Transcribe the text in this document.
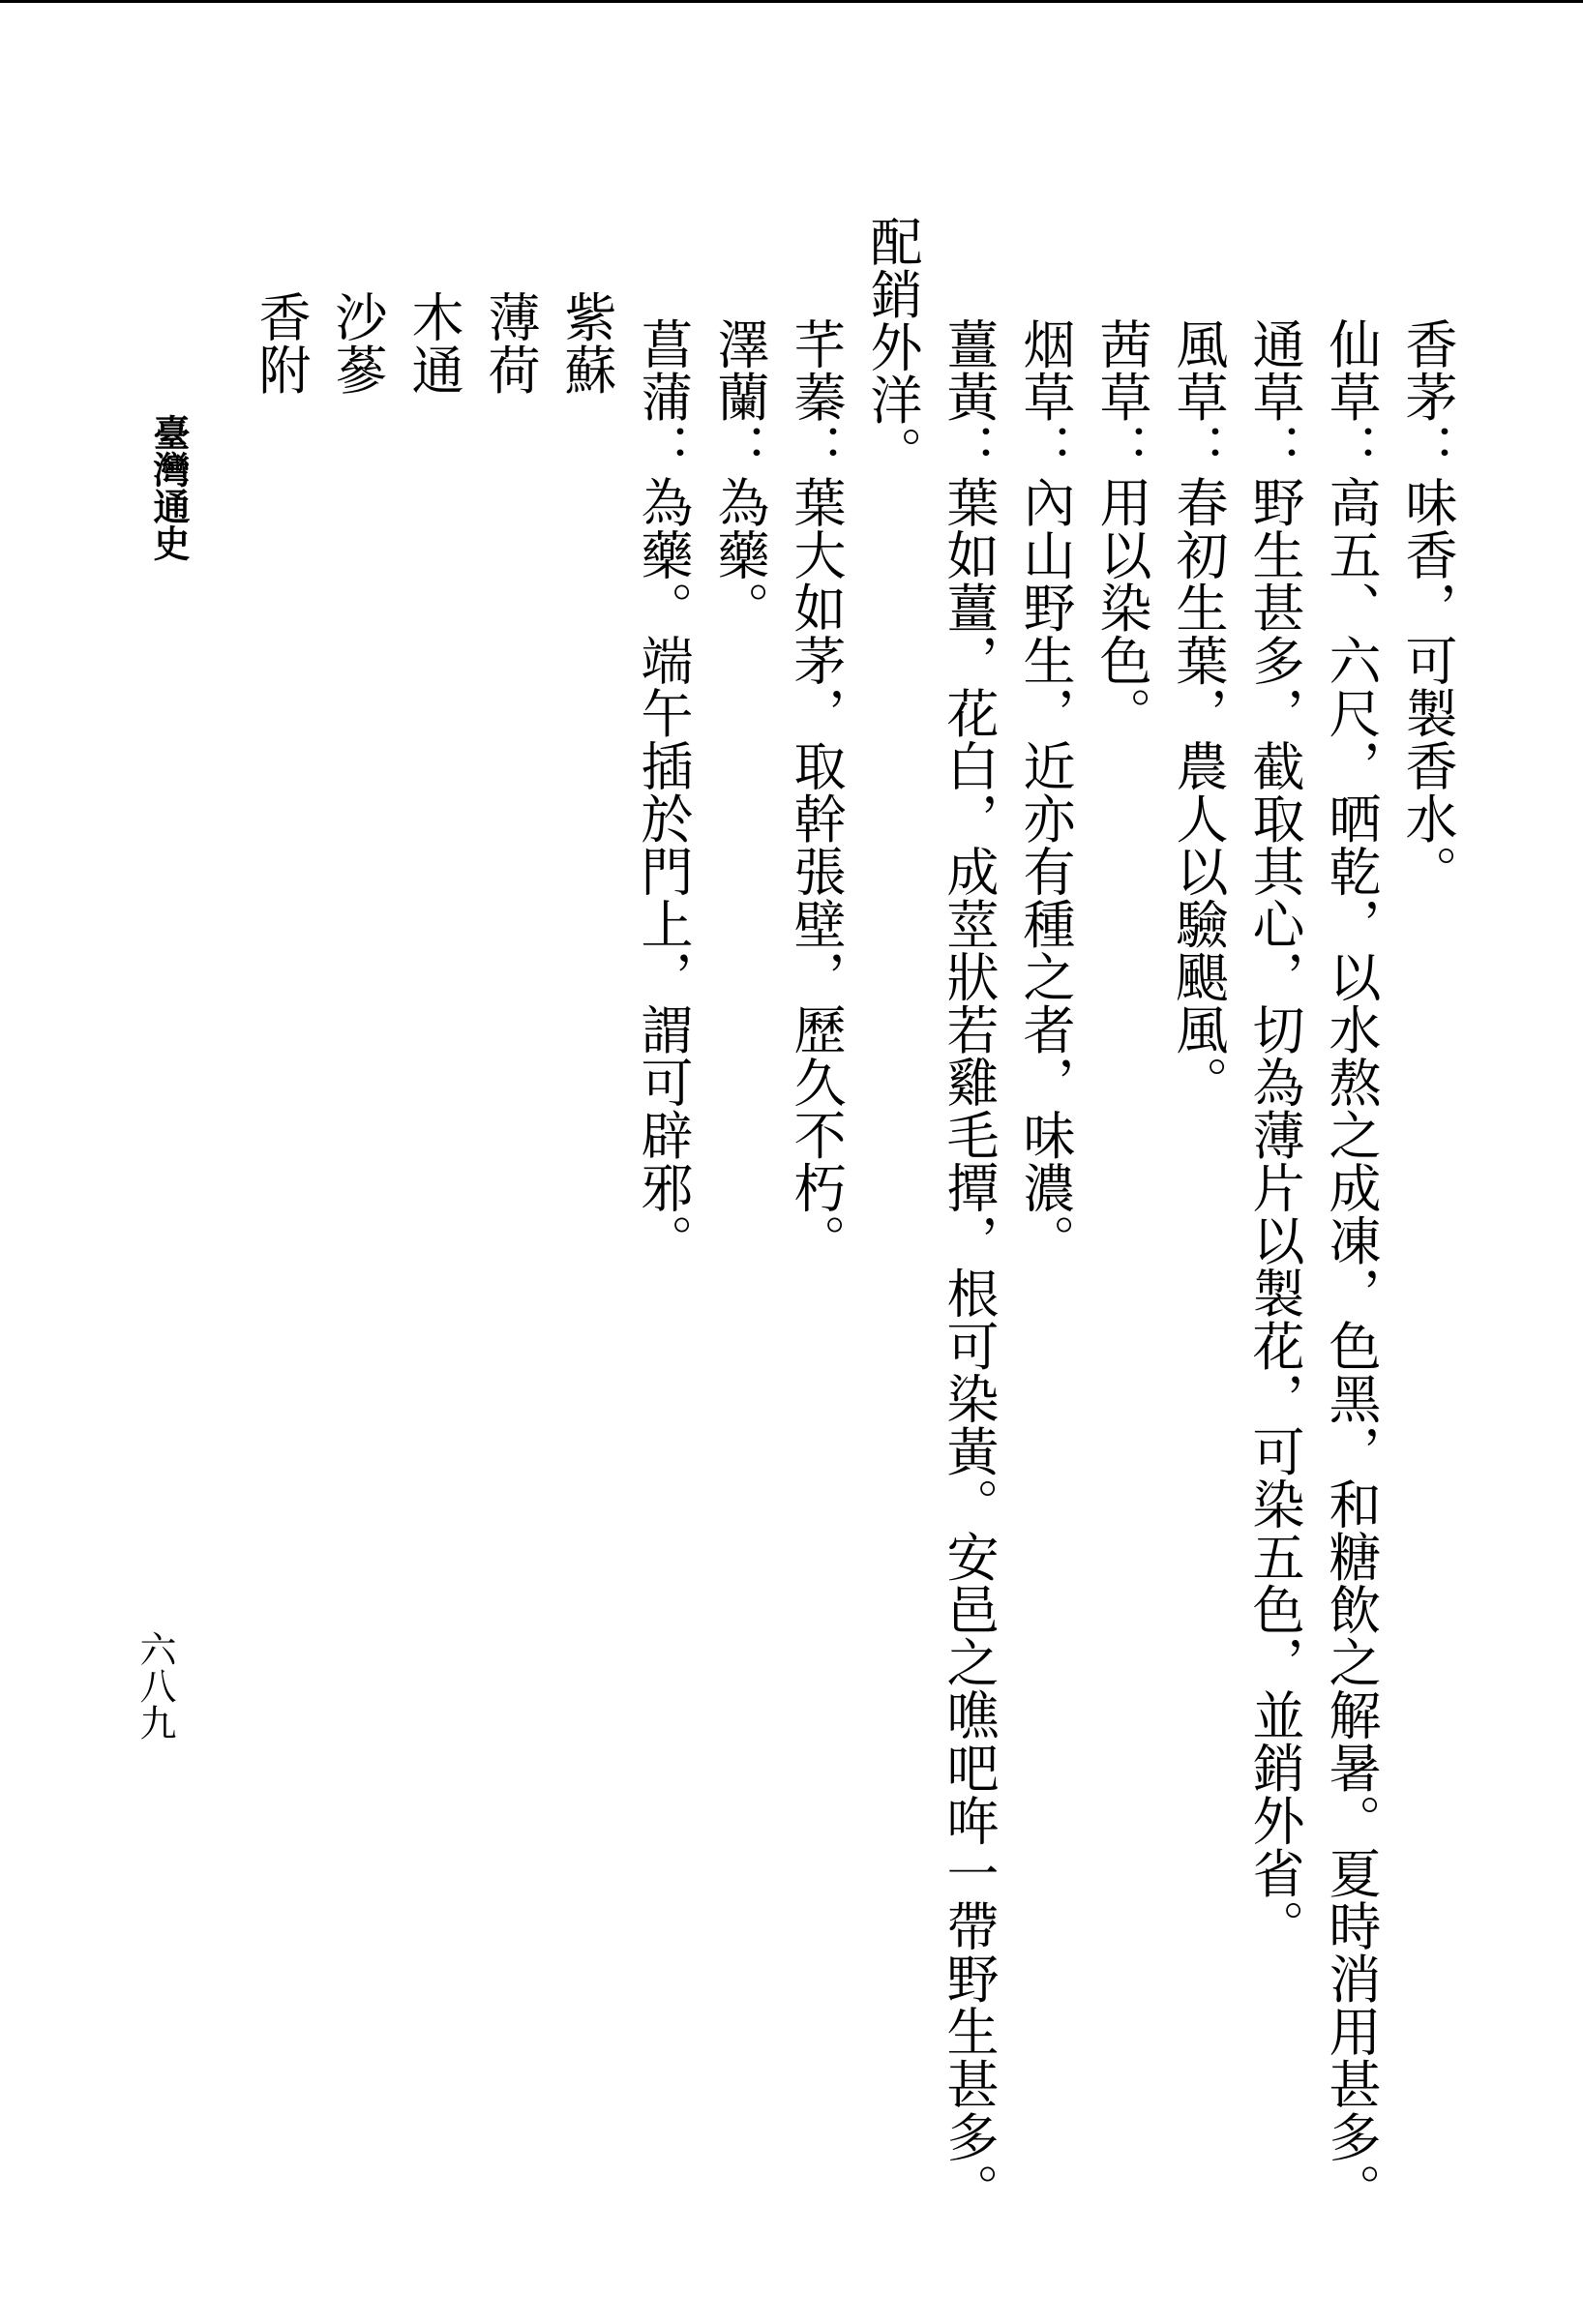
香茅：味香，可製香水。
仙草：高五、六尺，晒乾，以水熬之成凍，色黑，和糖飲之解暑。夏時消用甚多。
通草：野生甚多，截取其心，切為薄片以製花，可染五色，並銷外省。
風草：春初生葉，農人以驗颶風。
茜草：用以染色。
烟草：內山野生，近亦有種之者，味濃。
薑黃：葉如薑，花白，成莖狀若雞毛撢，根可染黃。安邑之噍吧哖一帶野生甚多。
配銷外洋。
芊蓁：葉大如茅，取幹張壁，歷久不朽。
澤蘭：為藥。
菖蒲：為藥。端午插於門上，謂可辟邪。
紫蘇
薄荷
木通
沙蔘
香附
臺灣通史
六八九
